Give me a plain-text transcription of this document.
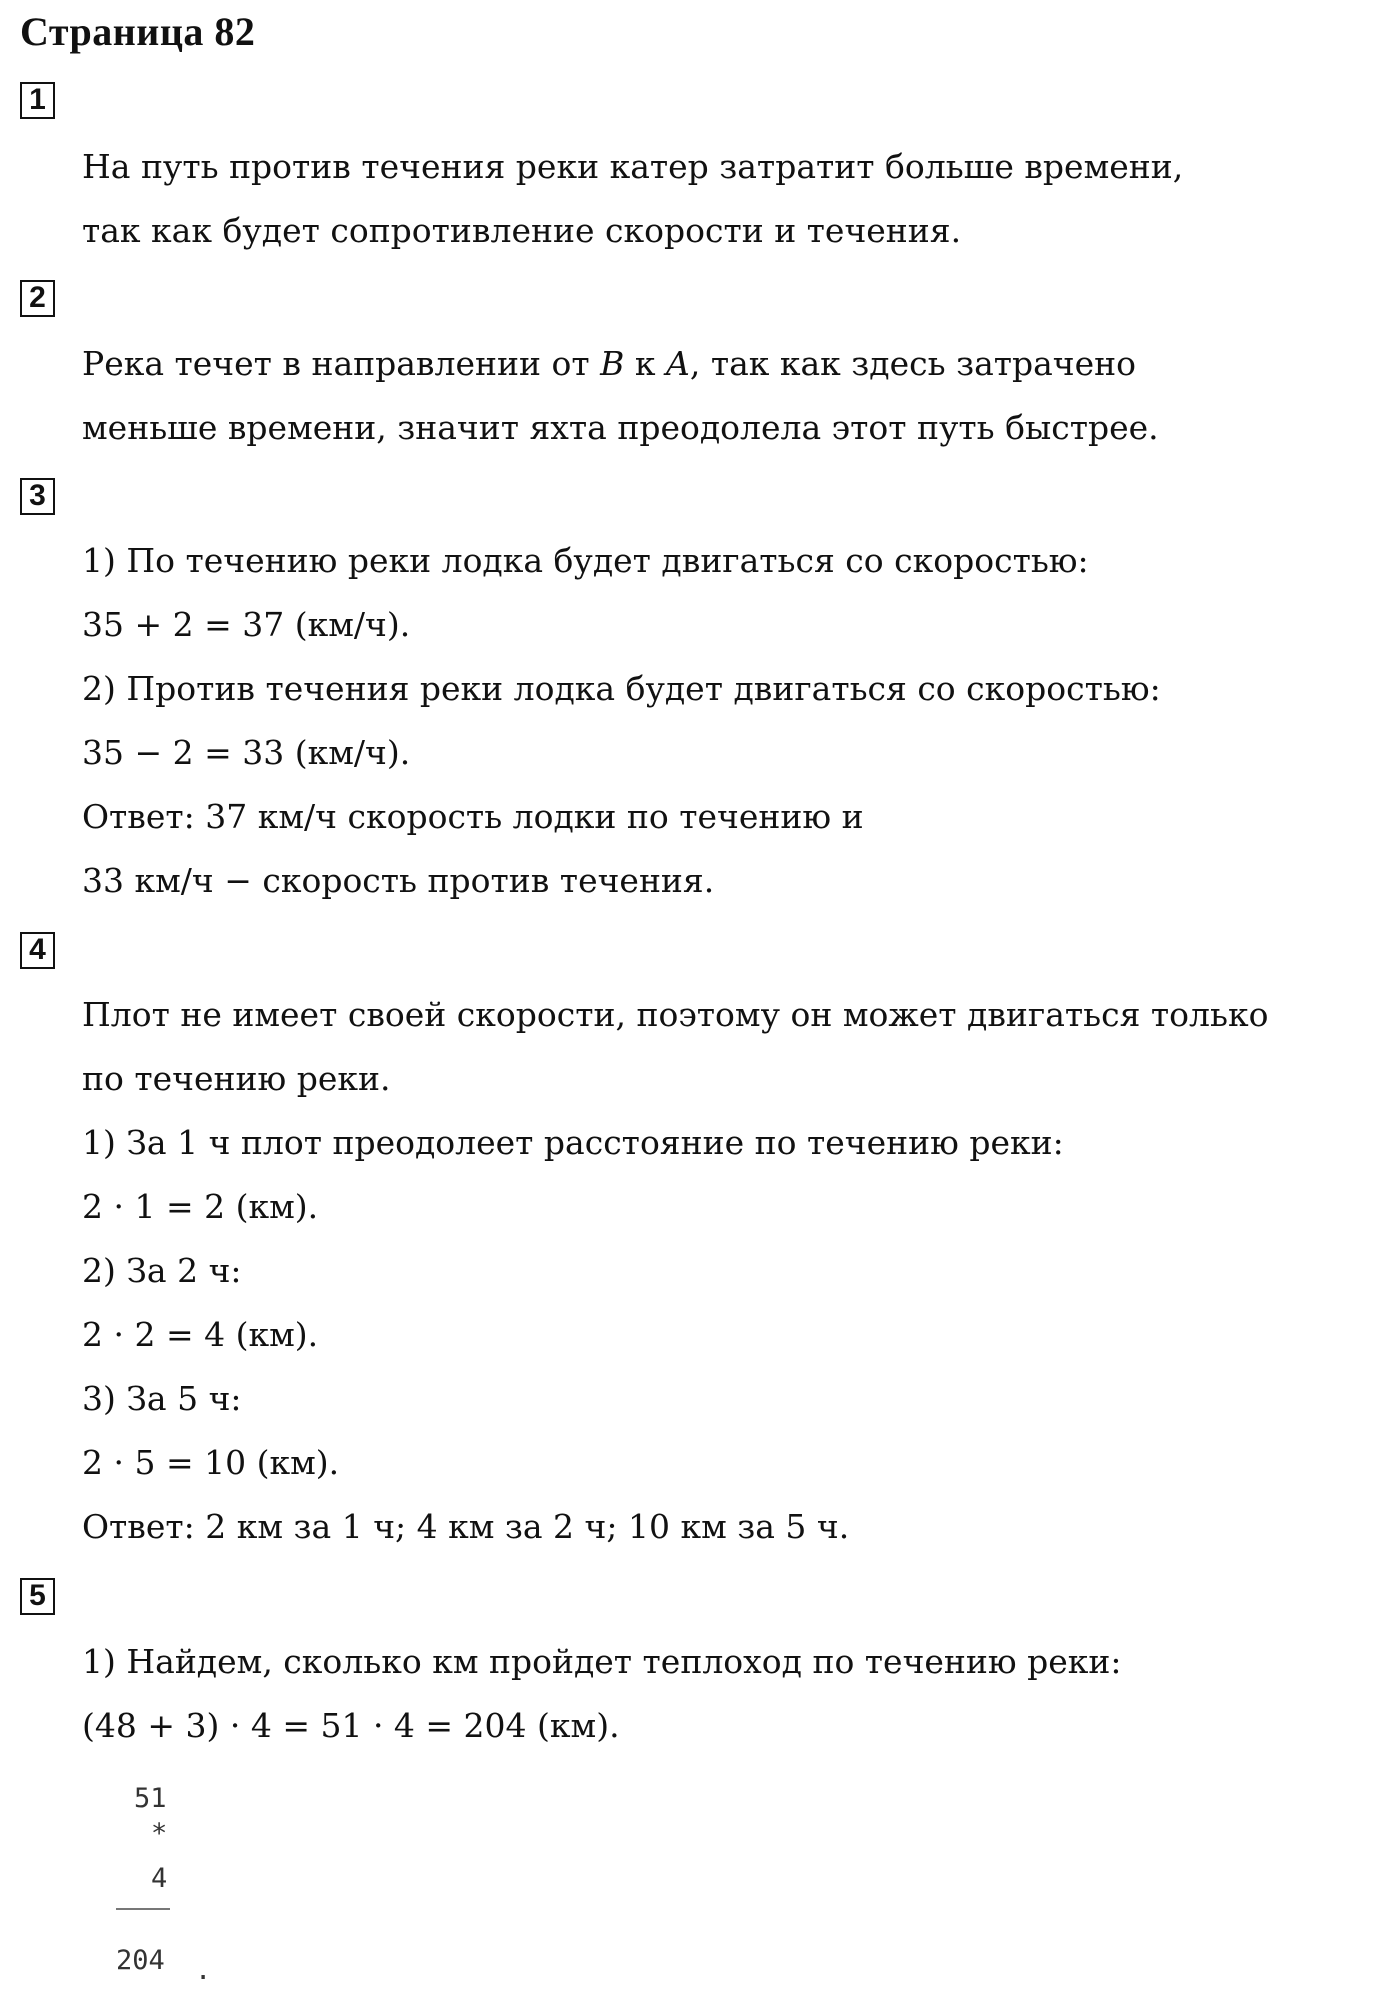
Страница 82
1
На путь против течения реки катер затратит больше времени,
так как будет сопротивление скорости и течения.
2
Река течет в направлении от B к A, так как здесь затрачено
меньше времени, значит яхта преодолела этот путь быстрее.
3
1) По течению реки лодка будет двигаться со скоростью:
35 + 2 = 37 (км/ч).
2) Против течения реки лодка будет двигаться со скоростью:
35 − 2 = 33 (км/ч).
Ответ: 37 км/ч скорость лодки по течению и
33 км/ч − скорость против течения.
4
Плот не имеет своей скорости, поэтому он может двигаться только
по течению реки.
1) За 1 ч плот преодолеет расстояние по течению реки:
2 · 1 = 2 (км).
2) За 2 ч:
2 · 2 = 4 (км).
3) За 5 ч:
2 · 5 = 10 (км).
Ответ: 2 км за 1 ч; 4 км за 2 ч; 10 км за 5 ч.
5
1) Найдем, сколько км пройдет теплоход по течению реки:
(48 + 3) · 4 = 51 · 4 = 204 (км).
51
*
4
204 .
